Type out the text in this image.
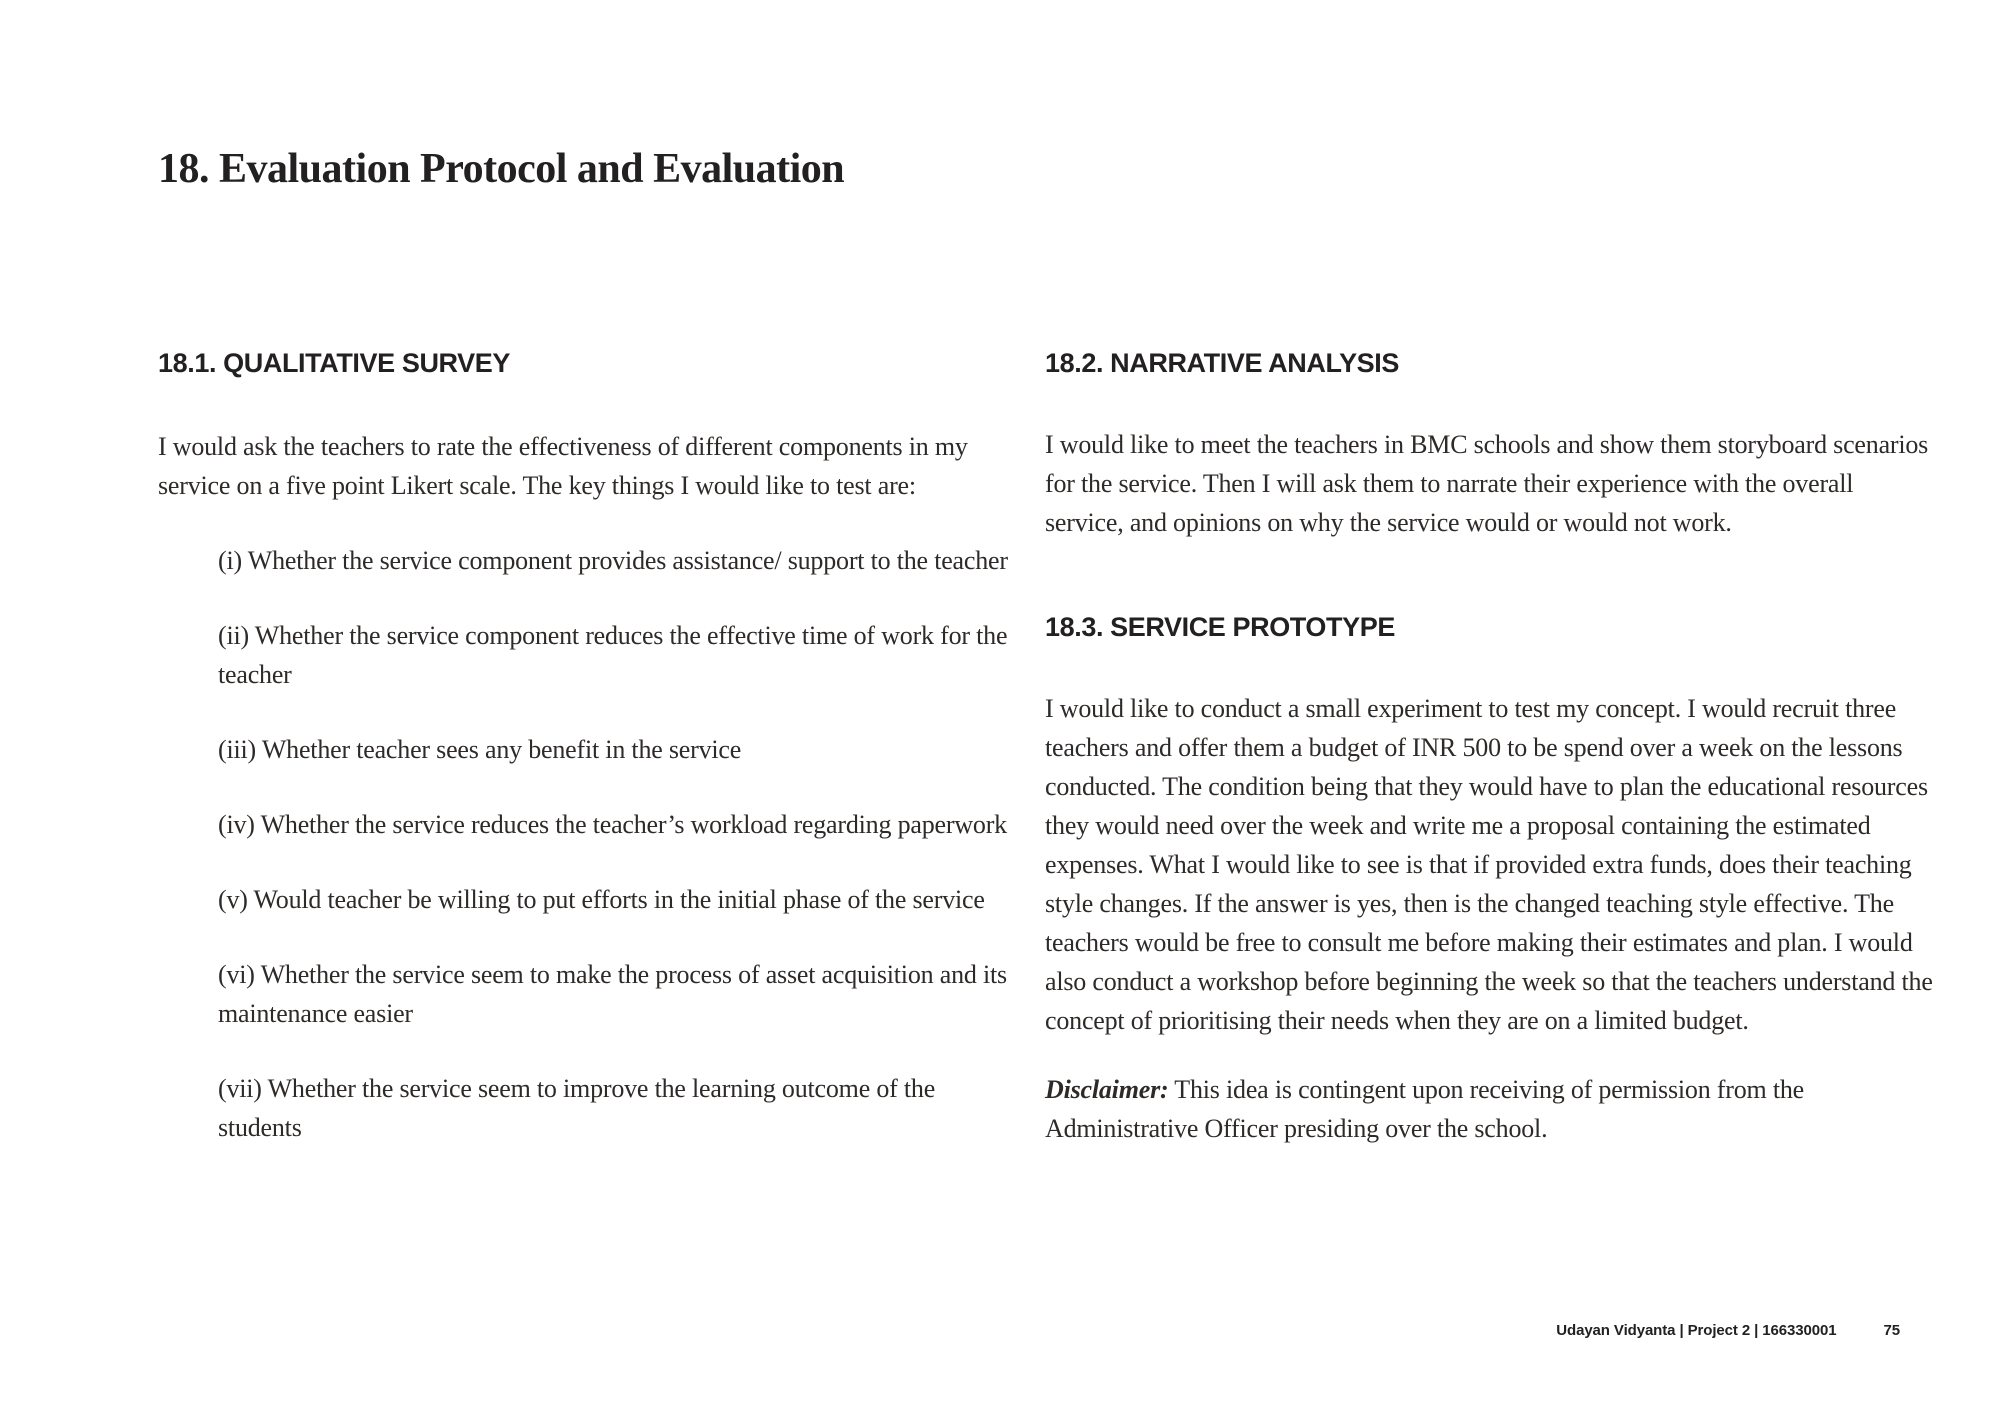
18. Evaluation Protocol and Evaluation
18.1. QUALITATIVE SURVEY

I would ask the teachers to rate the effectiveness of different components in my service on a five point Likert scale. The key things I would like to test are:

(i) Whether the service component provides assistance/ support to the teacher

(ii) Whether the service component reduces the effective time of work for the teacher

(iii) Whether teacher sees any benefit in the service

(iv) Whether the service reduces the teacher’s workload regarding paperwork

(v) Would teacher be willing to put efforts in the initial phase of the service

(vi) Whether the service seem to make the process of asset acquisition and its maintenance easier

(vii) Whether the service seem to improve the learning outcome of the students

18.2. NARRATIVE ANALYSIS

I would like to meet the teachers in BMC schools and show them storyboard scenarios for the service. Then I will ask them to narrate their experience with the overall service, and opinions on why the service would or would not work.

18.3. SERVICE PROTOTYPE

I would like to conduct a small experiment to test my concept. I would recruit three teachers and offer them a budget of INR 500 to be spend over a week on the lessons conducted. The condition being that they would have to plan the educational resources they would need over the week and write me a proposal containing the estimated expenses. What I would like to see is that if provided extra funds, does their teaching style changes. If the answer is yes, then is the changed teaching style effective. The teachers would be free to consult me before making their estimates and plan. I would also conduct a workshop before beginning the week so that the teachers understand the concept of prioritising their needs when they are on a limited budget.

Disclaimer: This idea is contingent upon receiving of permission from the Administrative Officer presiding over the school.

Udayan Vidyanta | Project 2 | 166330001	75
